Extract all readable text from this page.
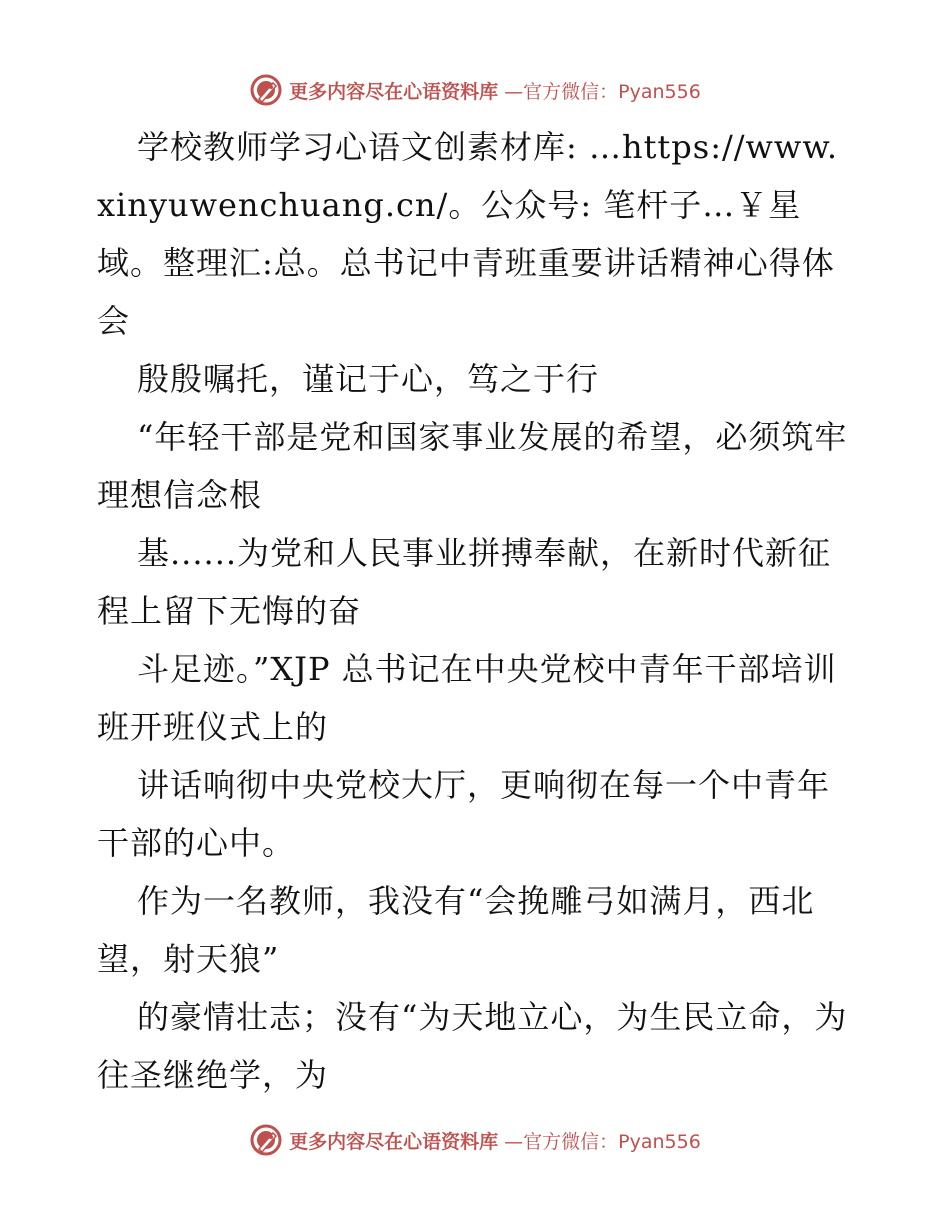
更多内容尽在心语资料库 —官方微信：Pyan556

学校教师学习心语文创素材库: …https://www.xinyuwenchuang.cn/。公众号: 笔杆子…￥星域。整理汇:总。总书记中青班重要讲话精神心得体会

殷殷嘱托，谨记于心，笃之于行

“年轻干部是党和国家事业发展的希望，必须筑牢理想信念根

基......为党和人民事业拼搏奉献，在新时代新征程上留下无悔的奋

斗足迹。”XJP 总书记在中央党校中青年干部培训班开班仪式上的

讲话响彻中央党校大厅，更响彻在每一个中青年干部的心中。

作为一名教师，我没有“会挽雕弓如满月，西北望，射天狼”

的豪情壮志；没有“为天地立心，为生民立命，为往圣继绝学，为

更多内容尽在心语资料库 —官方微信：Pyan556
